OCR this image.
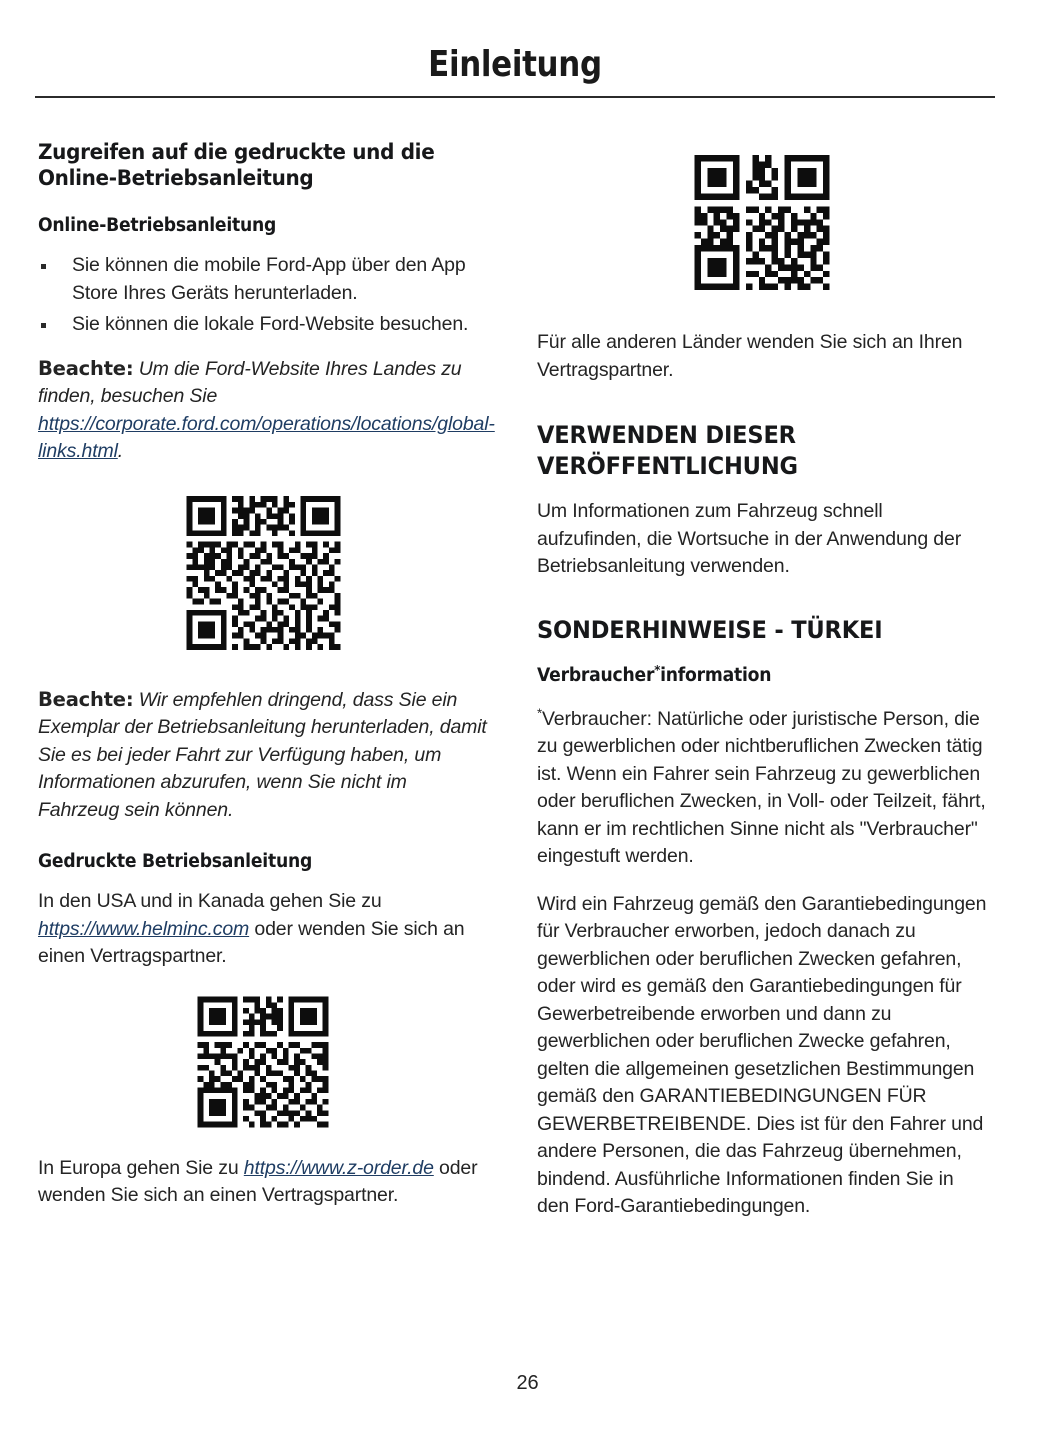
Einleitung
Zugreifen auf die gedruckte und die Online-Betriebsanleitung
Online-Betriebsanleitung
Sie können die mobile Ford-App über den App Store Ihres Geräts herunterladen.
Sie können die lokale Ford-Website besuchen.

Beachte: Um die Ford-Website Ihres Landes zu finden, besuchen Sie https://corporate.ford.com/operations/locations/global-links.html.

Beachte: Wir empfehlen dringend, dass Sie ein Exemplar der Betriebsanleitung herunterladen, damit Sie es bei jeder Fahrt zur Verfügung haben, um Informationen abzurufen, wenn Sie nicht im Fahrzeug sein können.

Gedruckte Betriebsanleitung

In den USA und in Kanada gehen Sie zu https://www.helminc.com oder wenden Sie sich an einen Vertragspartner.

In Europa gehen Sie zu https://www.z-order.de oder wenden Sie sich an einen Vertragspartner.

Für alle anderen Länder wenden Sie sich an Ihren Vertragspartner.

VERWENDEN DIESER VERÖFFENTLICHUNG

Um Informationen zum Fahrzeug schnell aufzufinden, die Wortsuche in der Anwendung der Betriebsanleitung verwenden.

SONDERHINWEISE - TÜRKEI
Verbraucher*information

*Verbraucher: Natürliche oder juristische Person, die zu gewerblichen oder nichtberuflichen Zwecken tätig ist. Wenn ein Fahrer sein Fahrzeug zu gewerblichen oder beruflichen Zwecken, in Voll- oder Teilzeit, fährt, kann er im rechtlichen Sinne nicht als "Verbraucher" eingestuft werden.

Wird ein Fahrzeug gemäß den Garantiebedingungen für Verbraucher erworben, jedoch danach zu gewerblichen oder beruflichen Zwecken gefahren, oder wird es gemäß den Garantiebedingungen für Gewerbetreibende erworben und dann zu gewerblichen oder beruflichen Zwecke gefahren, gelten die allgemeinen gesetzlichen Bestimmungen gemäß den GARANTIEBEDINGUNGEN FÜR GEWERBETREIBENDE. Dies ist für den Fahrer und andere Personen, die das Fahrzeug übernehmen, bindend. Ausführliche Informationen finden Sie in den Ford-Garantiebedingungen.

26
